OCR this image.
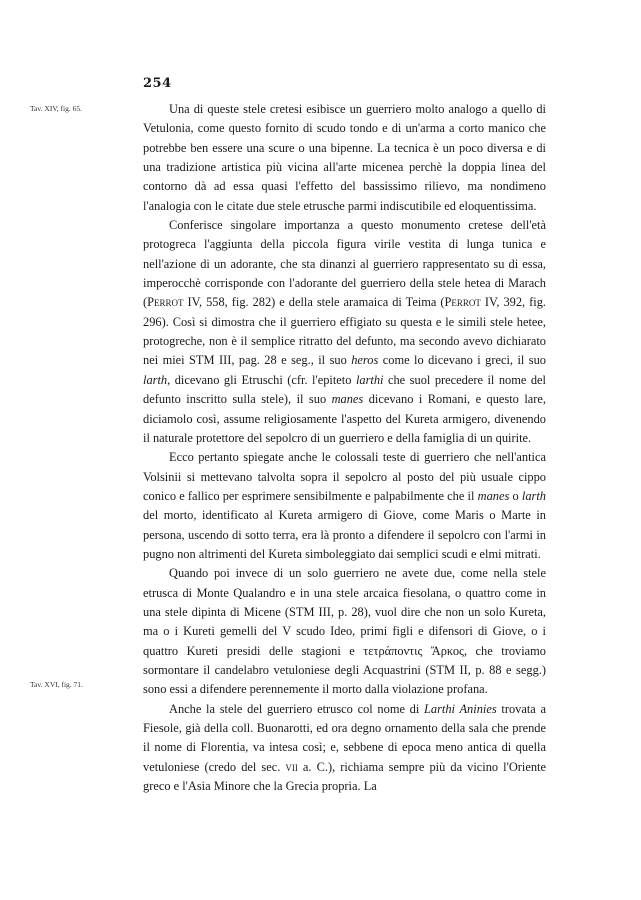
254
Tav. XIV, fig. 65.
Tav. XVI, fig. 71.

Una di queste stele cretesi esibisce un guerriero molto analogo a quello di Vetulonia, come questo fornito di scudo tondo e di un'arma a corto manico che potrebbe ben essere una scure o una bipenne. La tecnica è un poco diversa e di una tradizione artistica più vicina all'arte micenea perchè la doppia linea del contorno dà ad essa quasi l'effetto del bassissimo rilievo, ma nondimeno l'analogia con le citate due stele etrusche parmi indiscutibile ed eloquentissima.

Conferisce singolare importanza a questo monumento cretese dell'età protogreca l'aggiunta della piccola figura virile vestita di lunga tunica e nell'azione di un adorante, che sta dinanzi al guerriero rappresentato su di essa, imperocchè corrisponde con l'adorante del guerriero della stele hetea di Marach (Perrot IV, 558, fig. 282) e della stele aramaica di Teima (Perrot IV, 392, fig. 296). Così si dimostra che il guerriero effigiato su questa e le simili stele hetee, protogreche, non è il semplice ritratto del defunto, ma secondo avevo dichiarato nei miei STM III, pag. 28 e seg., il suo heros come lo dicevano i greci, il suo larth, dicevano gli Etruschi (cfr. l'epiteto larthi che suol precedere il nome del defunto inscritto sulla stele), il suo manes dicevano i Romani, e questo lare, diciamolo così, assume religiosamente l'aspetto del Kureta armigero, divenendo il naturale protettore del sepolcro di un guerriero e della famiglia di un quirite.

Ecco pertanto spiegate anche le colossali teste di guerriero che nell'antica Volsinii si mettevano talvolta sopra il sepolcro al posto del più usuale cippo conico e fallico per esprimere sensibilmente e palpabilmente che il manes o larth del morto, identificato al Kureta armigero di Giove, come Maris o Marte in persona, uscendo di sotto terra, era là pronto a difendere il sepolcro con l'armi in pugno non altrimenti del Kureta simboleggiato dai semplici scudi e elmi mitrati.

Quando poi invece di un solo guerriero ne avete due, come nella stele etrusca di Monte Qualandro e in una stele arcaica fiesolana, o quattro come in una stele dipinta di Micene (STM III, p. 28), vuol dire che non un solo Kureta, ma o i Kureti gemelli del V scudo Ideo, primi figli e difensori di Giove, o i quattro Kureti presidi delle stagioni e τετράποντις Ἄρκος, che troviamo sormontare il candelabro vetuloniese degli Acquastrini (STM II, p. 88 e segg.) sono essi a difendere perennemente il morto dalla violazione profana.

Anche la stele del guerriero etrusco col nome di Larthi Aninies trovata a Fiesole, già della coll. Buonarotti, ed ora degno ornamento della sala che prende il nome di Florentia, va intesa così; e, sebbene di epoca meno antica di quella vetuloniese (credo del sec. vii a. C.), richiama sempre più da vicino l'Oriente greco e l'Asia Minore che la Grecia propria. La
